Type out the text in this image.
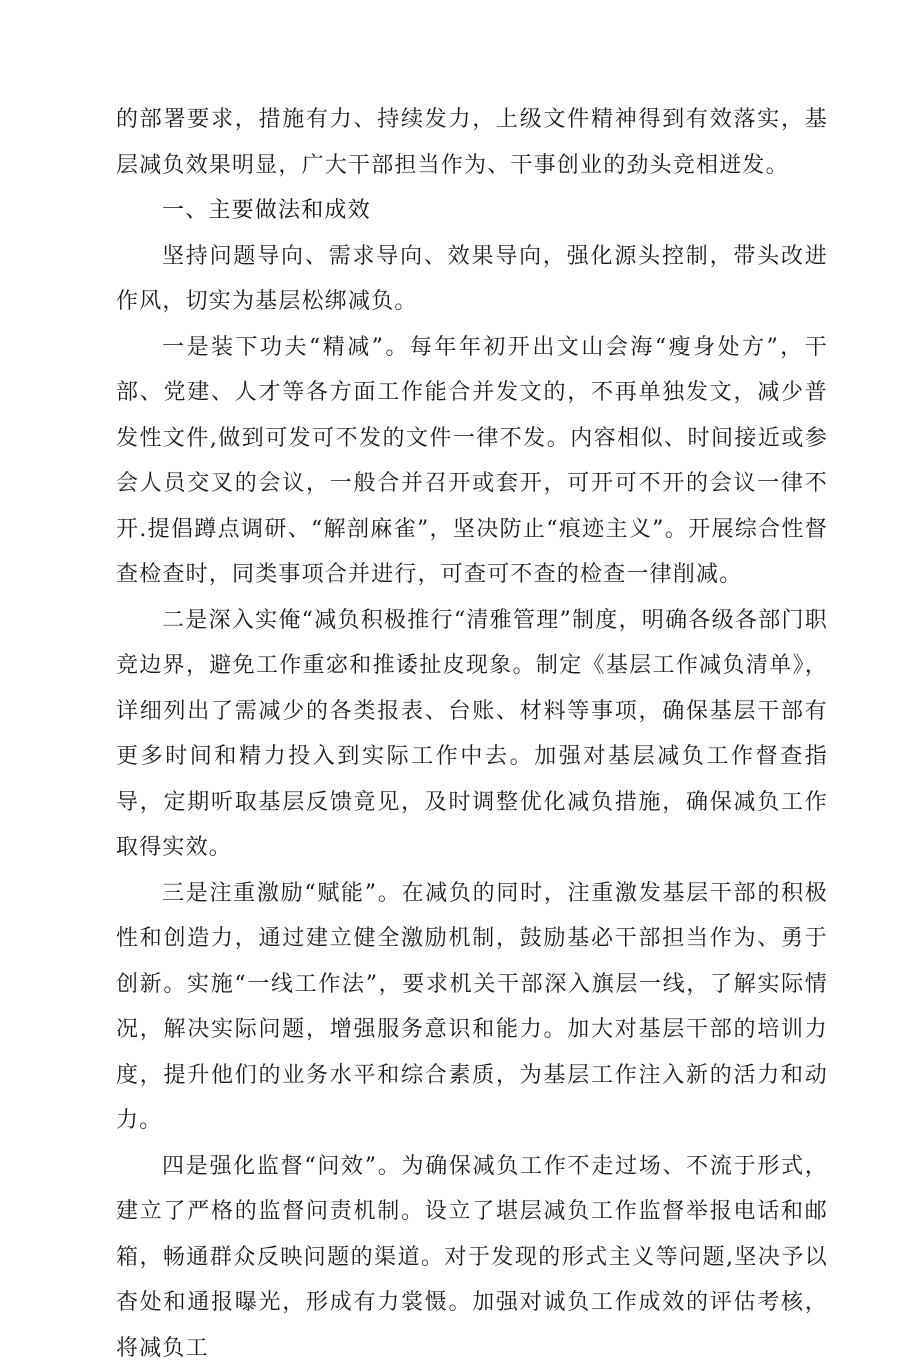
的部署要求，措施有力、持续发力，上级文件精神得到有效落实，基层减负效果明显，广大干部担当作为、干事创业的劲头竞相迸发。

一、主要做法和成效

坚持问题导向、需求导向、效果导向，强化源头控制，带头改进作风，切实为基层松绑减负。

一是装下功夫“精减”。每年年初开出文山会海“瘦身处方”，干部、党建、人才等各方面工作能合并发文的，不再单独发文，减少普发性文件,做到可发可不发的文件一律不发。内容相似、时间接近或参会人员交叉的会议，一般合并召开或套开，可开可不开的会议一律不开.提倡蹲点调研、“解剖麻雀”，坚决防止“痕迹主义”。开展综合性督查检查时，同类事项合并进行，可查可不查的检查一律削减。

二是深入实俺“减负积极推行“清雅管理”制度，明确各级各部门职竞边界，避免工作重宓和推诿扯皮现象。制定《基层工作减负清单》，详细列出了需减少的各类报表、台账、材料等事项，确保基层干部有更多时间和精力投入到实际工作中去。加强对基层减负工作督查指导，定期听取基层反馈竟见，及时调整优化减负措施，确保减负工作取得实效。

三是注重激励“赋能”。在减负的同时，注重激发基层干部的积极性和创造力，通过建立健全激励机制，鼓励基必干部担当作为、勇于创新。实施“一线工作法”，要求机关干部深入旗层一线，了解实际情况，解决实际问题，增强服务意识和能力。加大对基层干部的培训力度，提升他们的业务水平和综合素质，为基层工作注入新的活力和动力。

四是强化监督“问效”。为确保减负工作不走过场、不流于形式，建立了严格的监督问责机制。设立了堪层减负工作监督举报电话和邮箱，畅通群众反映问题的渠道。对于发现的形式主义等问题,坚决予以杳处和通报曝光，形成有力裳慑。加强对诚负工作成效的评估考核，将减负工
